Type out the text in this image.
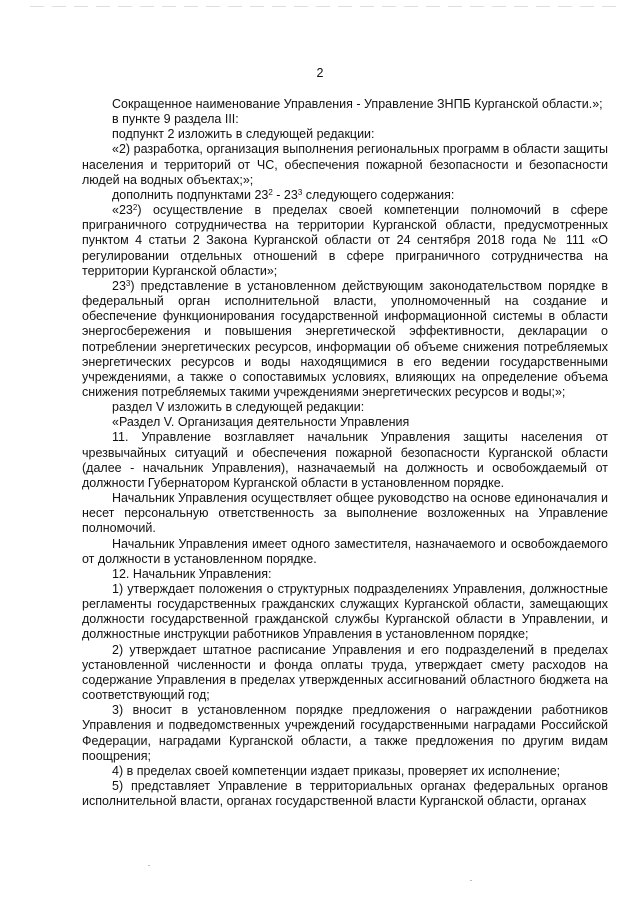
2

Сокращенное наименование Управления - Управление ЗНПБ Курганской области.»;

в пункте 9 раздела III:

подпункт 2 изложить в следующей редакции:

«2) разработка, организация выполнения региональных программ в области защиты населения и территорий от ЧС, обеспечения пожарной безопасности и безопасности людей на водных объектах;»;

дополнить подпунктами $23^2 - 23^3$ следующего содержания:

«$23^2$) осуществление в пределах своей компетенции полномочий в сфере приграничного сотрудничества на территории Курганской области, предусмотренных пунктом 4 статьи 2 Закона Курганской области от 24 сентября 2018 года № 111 «О регулировании отдельных отношений в сфере приграничного сотрудничества на территории Курганской области»;

$23^3$) представление в установленном действующим законодательством порядке в федеральный орган исполнительной власти, уполномоченный на создание и обеспечение функционирования государственной информационной системы в области энергосбережения и повышения энергетической эффективности, декларации о потреблении энергетических ресурсов, информации об объеме снижения потребляемых энергетических ресурсов и воды находящимися в его ведении государственными учреждениями, а также о сопоставимых условиях, влияющих на определение объема снижения потребляемых такими учреждениями энергетических ресурсов и воды;»;

раздел V изложить в следующей редакции:

«Раздел V. Организация деятельности Управления

11. Управление возглавляет начальник Управления защиты населения от чрезвычайных ситуаций и обеспечения пожарной безопасности Курганской области (далее - начальник Управления), назначаемый на должность и освобождаемый от должности Губернатором Курганской области в установленном порядке.

Начальник Управления осуществляет общее руководство на основе единоначалия и несет персональную ответственность за выполнение возложенных на Управление полномочий.

Начальник Управления имеет одного заместителя, назначаемого и освобождаемого от должности в установленном порядке.

12. Начальник Управления:

1) утверждает положения о структурных подразделениях Управления, должностные регламенты государственных гражданских служащих Курганской области, замещающих должности государственной гражданской службы Курганской области в Управлении, и должностные инструкции работников Управления в установленном порядке;

2) утверждает штатное расписание Управления и его подразделений в пределах установленной численности и фонда оплаты труда, утверждает смету расходов на содержание Управления в пределах утвержденных ассигнований областного бюджета на соответствующий год;

3) вносит в установленном порядке предложения о награждении работников Управления и подведомственных учреждений государственными наградами Российской Федерации, наградами Курганской области, а также предложения по другим видам поощрения;

4) в пределах своей компетенции издает приказы, проверяет их исполнение;

5) представляет Управление в территориальных органах федеральных органов исполнительной власти, органах государственной власти Курганской области, органах
